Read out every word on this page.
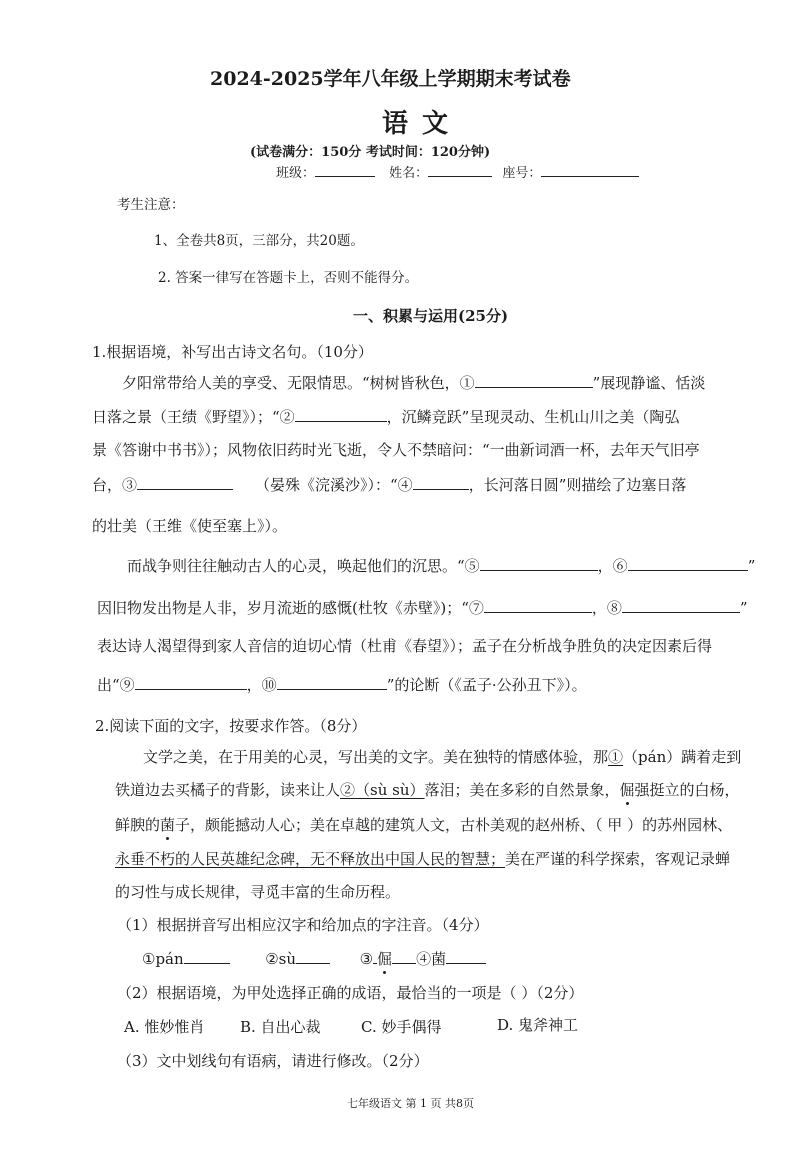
2024-2025学年八年级上学期期末考试卷
语文
(试卷满分：150分 考试时间：120分钟)
班级：	姓名：	座号：
考生注意：
1、全卷共8页，三部分，共20题。
2. 答案一律写在答题卡上，否则不能得分。
一、积累与运用(25分)
1.根据语境，补写出古诗文名句。（10分）
夕阳常带给人美的享受、无限情思。“树树皆秋色，①	”展现静谧、恬淡
日落之景（王绩《野望》）；“②	，沉鳞竞跃”呈现灵动、生机山川之美（陶弘
景《答谢中书书》）；风物依旧药时光飞逝，令人不禁暗问：“一曲新词酒一杯，去年天气旧亭
台，③	（晏殊《浣溪沙》）：“④	，长河落日圆”则描绘了边塞日落
的壮美（王维《使至塞上》）。
而战争则往往触动古人的心灵，唤起他们的沉思。“⑤	，⑥	”
因旧物发出物是人非，岁月流逝的感慨(杜牧《赤壁》)；“⑦	，⑧	”
表达诗人渴望得到家人音信的迫切心情（杜甫《春望》）；孟子在分析战争胜负的决定因素后得
出“⑨	，⑩	”的论断（《孟子·公孙丑下》）。
2.阅读下面的文字，按要求作答。（8分）
文学之美，在于用美的心灵，写出美的文字。美在独特的情感体验，那①（pán）蹒着走到
铁道边去买橘子的背影，读来让人②（sù sù）落泪；美在多彩的自然景象，倔强挺立的白杨，
鲜腴的菌子，颇能撼动人心；美在卓越的建筑人文，古朴美观的赵州桥、（ 甲 ）的苏州园林、
永垂不朽的人民英雄纪念碑，无不释放出中国人民的智慧；美在严谨的科学探索，客观记录蝉
的习性与成长规律，寻觅丰富的生命历程。
（1）根据拼音写出相应汉字和给加点的字注音。（4分）
①pán	②sù	③ 倔 ④菌
（2）根据语境，为甲处选择正确的成语，最恰当的一项是（ ）（2分）
A. 惟妙惟肖 B. 自出心裁	C. 妙手偶得	D. 鬼斧神工
（3）文中划线句有语病，请进行修改。（2分）
七年级语文 第 1 页 共8页
